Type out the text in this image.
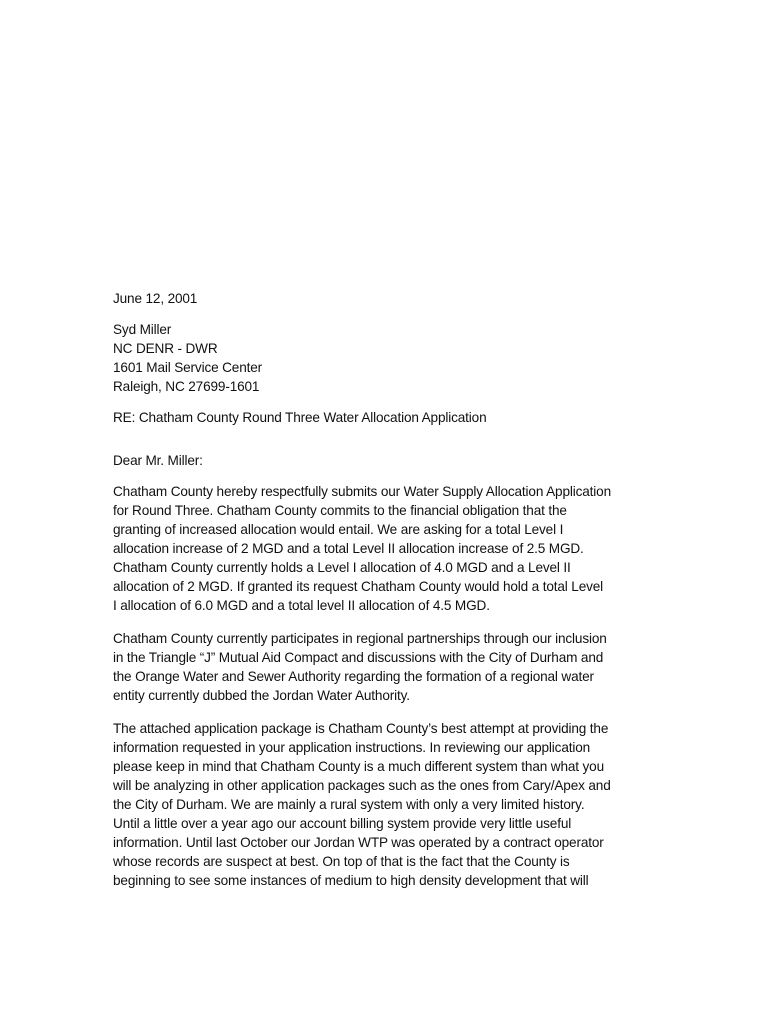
June 12, 2001
Syd Miller
NC DENR - DWR
1601 Mail Service Center
Raleigh, NC 27699-1601
RE: Chatham County Round Three Water Allocation Application
Dear Mr. Miller:
Chatham County hereby respectfully submits our Water Supply Allocation Application
for Round Three. Chatham County commits to the financial obligation that the
granting of increased allocation would entail. We are asking for a total Level I
allocation increase of 2 MGD and a total Level II allocation increase of 2.5 MGD.
Chatham County currently holds a Level I allocation of 4.0 MGD and a Level II
allocation of 2 MGD. If granted its request Chatham County would hold a total Level
I allocation of 6.0 MGD and a total level II allocation of 4.5 MGD.
Chatham County currently participates in regional partnerships through our inclusion
in the Triangle “J” Mutual Aid Compact and discussions with the City of Durham and
the Orange Water and Sewer Authority regarding the formation of a regional water
entity currently dubbed the Jordan Water Authority.
The attached application package is Chatham County’s best attempt at providing the
information requested in your application instructions. In reviewing our application
please keep in mind that Chatham County is a much different system than what you
will be analyzing in other application packages such as the ones from Cary/Apex and
the City of Durham. We are mainly a rural system with only a very limited history.
Until a little over a year ago our account billing system provide very little useful
information. Until last October our Jordan WTP was operated by a contract operator
whose records are suspect at best. On top of that is the fact that the County is
beginning to see some instances of medium to high density development that will
